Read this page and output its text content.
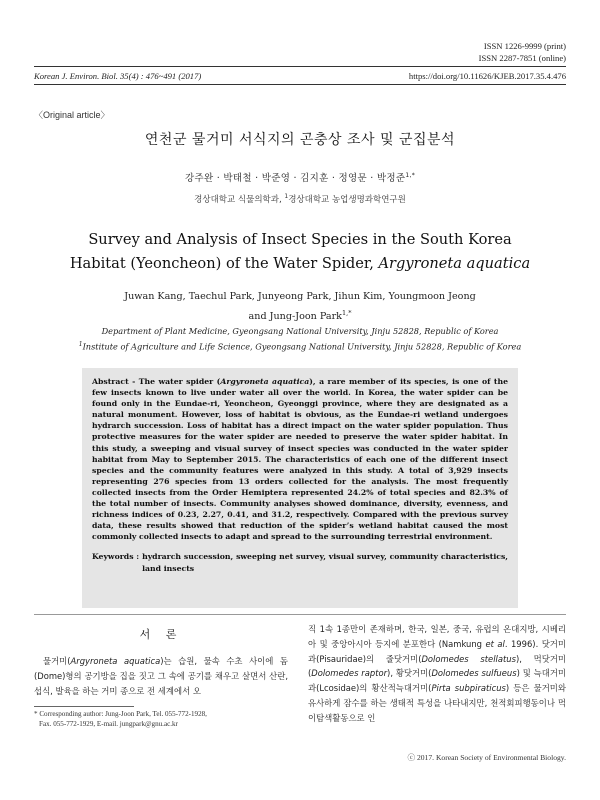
ISSN 1226-9999 (print)
ISSN 2287-7851 (online)
Korean J. Environ. Biol. 35(4) : 476~491 (2017)	https://doi.org/10.11626/KJEB.2017.35.4.476
〈Original article〉
연천군 물거미 서식지의 곤충상 조사 및 군집분석
강주완 · 박태철 · 박준영 · 김지훈 · 정영문 · 박정준$^{1,*}$
경상대학교 식물의학과, $^1$경상대학교 농업생명과학연구원
Survey and Analysis of Insect Species in the South Korea
Habitat (Yeoncheon) of the Water Spider, Argyroneta aquatica
Juwan Kang, Taechul Park, Junyeong Park, Jihun Kim, Youngmoon Jeong
and Jung-Joon Park$^{1,*}$
Department of Plant Medicine, Gyeongsang National University, Jinju 52828, Republic of Korea
$^1$Institute of Agriculture and Life Science, Gyeongsang National University, Jinju 52828, Republic of Korea
Abstract - The water spider (Argyroneta aquatica), a rare member of its species, is one of the few insects known to live under water all over the world. In Korea, the water spider can be found only in the Eundae-ri, Yeoncheon, Gyeonggi province, where they are designated as a natural monument. However, loss of habitat is obvious, as the Eundae-ri wetland undergoes hydrarch succession. Loss of habitat has a direct impact on the water spider population. Thus protective measures for the water spider are needed to preserve the water spider habitat. In this study, a sweeping and visual survey of insect species was conducted in the water spider habitat from May to September 2015. The characteristics of each one of the different insect species and the community features were analyzed in this study. A total of 3,929 insects representing 276 species from 13 orders collected for the analysis. The most frequently collected insects from the Order Hemiptera represented 24.2% of total species and 82.3% of the total number of insects. Community analyses showed dominance, diversity, evenness, and richness indices of 0.23, 2.27, 0.41, and 31.2, respectively. Compared with the previous survey data, these results showed that reduction of the spider’s wetland habitat caused the most commonly collected insects to adapt and spread to the surrounding terrestrial environment.
Keywords : hydrarch succession, sweeping net survey, visual survey, community characteristics, land insects
서 론
물거미(Argyroneta aquatica)는 습원, 물속 수초 사이에 돔(Dome)형의 공기방을 집을 짓고 그 속에 공기를 채우고 살면서 산란, 섭식, 발육을 하는 거미 종으로 전 세계에서 오
직 1속 1종만이 존재하며, 한국, 일본, 중국, 유럽의 온대지방, 시베리아 및 중앙아시아 등지에 분포한다 (Namkung et al. 1996). 닷거미과(Pisauridae)의 줄닷거미(Dolomedes stellatus), 먹닷거미(Dolomedes raptor), 황닷거미(Dolomedes sulfueus) 및 늑대거미과(Lcosidae)의 황산적늑대거미(Pirta subpiraticus) 등은 물거미와 유사하게 잠수를 하는 생태적 특성을 나타내지만, 천적회피행동이나 먹이탐색활동으로 인
* Corresponding author: Jung-Joon Park, Tel. 055-772-1928,
Fax. 055-772-1929, E-mail. jungpark@gnu.ac.kr
ⓒ 2017. Korean Society of Environmental Biology.
